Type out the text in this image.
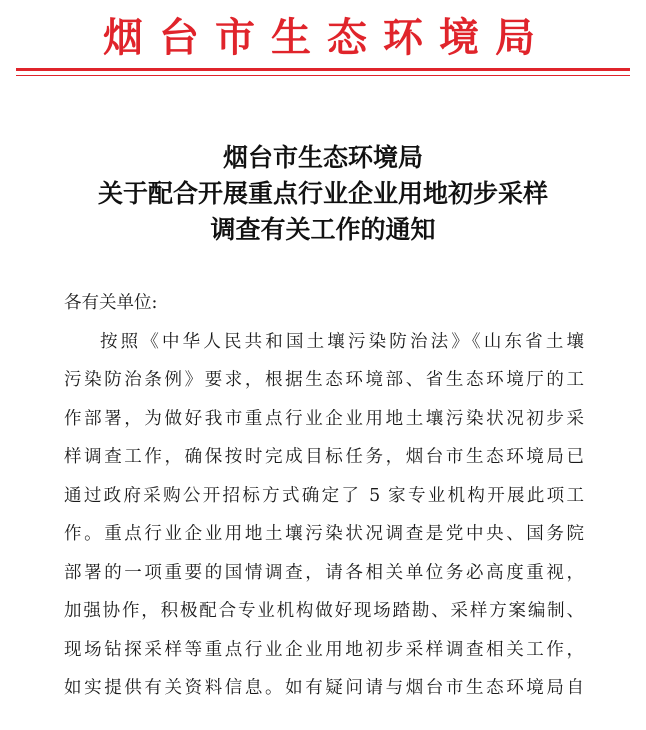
烟台市生态环境局
烟台市生态环境局
关于配合开展重点行业企业用地初步采样
调查有关工作的通知
各有关单位:
按照《中华人民共和国土壤污染防治法》《山东省土壤
污染防治条例》要求，根据生态环境部、省生态环境厅的工
作部署，为做好我市重点行业企业用地土壤污染状况初步采
样调查工作，确保按时完成目标任务，烟台市生态环境局已
通过政府采购公开招标方式确定了 5 家专业机构开展此项工
作。重点行业企业用地土壤污染状况调查是党中央、国务院
部署的一项重要的国情调查，请各相关单位务必高度重视，
加强协作，积极配合专业机构做好现场踏勘、采样方案编制、
现场钻探采样等重点行业企业用地初步采样调查相关工作，
如实提供有关资料信息。如有疑问请与烟台市生态环境局自
